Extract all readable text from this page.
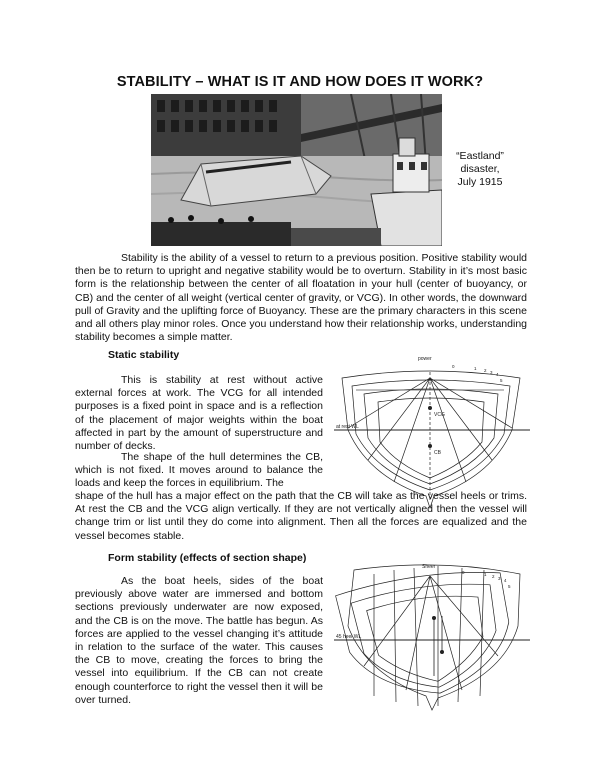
STABILITY – WHAT IS IT AND HOW DOES IT WORK?
“Eastland”
disaster,
July 1915

Stability is the ability of a vessel to return to a previous position. Positive stability would then be to return to upright and negative stability would be to overturn. Stability in it’s most basic form is the relationship between the center of all floatation in your hull (center of buoyancy, or CB) and the center of all weight (vertical center of gravity, or VCG). In other words, the downward pull of Gravity and the uplifting force of Buoyancy. These are the primary characters in this scene and all others play minor roles. Once you understand how their relationship works, understanding stability becomes a simple matter.

Static stability

This is stability at rest without active external forces at work. The VCG for all intended purposes is a fixed point in space and is a reflection of the placement of major weights within the boat affected in part by the amount of superstructure and number of decks.

The shape of the hull determines the CB, which is not fixed. It moves around to balance the loads and keep the forces in equilibrium. The

power
at rest WL
VCG
CB
0	1 2 3 4
5

shape of the hull has a major effect on the path that the CB will take as the vessel heels or trims. At rest the CB and the VCG align vertically. If they are not vertically aligned then the vessel will change trim or list until they do come into alignment. Then all the forces are equalized and the vessel becomes stable.

Form stability (effects of section shape)

As the boat heels, sides of the boat previously above water are immersed and bottom sections previously underwater are now exposed, and the CB is on the move. The battle has begun. As forces are applied to the vessel changing it’s attitude in relation to the surface of the water. This causes the CB to move, creating the forces to bring the vessel into equilibrium. If the CB can not create enough counterforce to right the vessel then it will be over turned.

Sheer
45 heel WL
0	1 2 3 4
5
